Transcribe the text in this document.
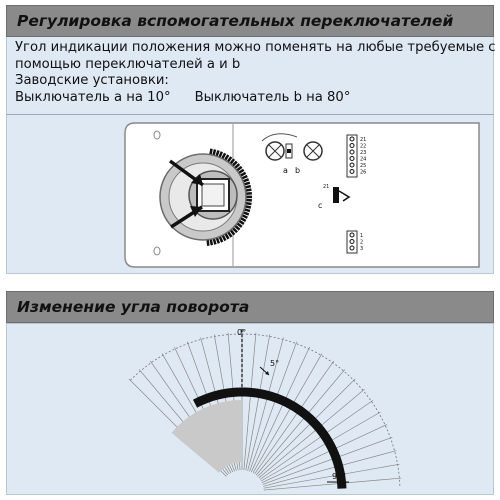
Регулировка вспомогательных переключателей
Угол индикации положения можно поменять на любые требуемые с
помощью переключателей a и b
Заводские установки:
Выключатель a на 10° Выключатель b на 80°
a b
21
22
23
24
25
26
c
21
1
2
3
Изменение угла поворота
5°
0°
90°
